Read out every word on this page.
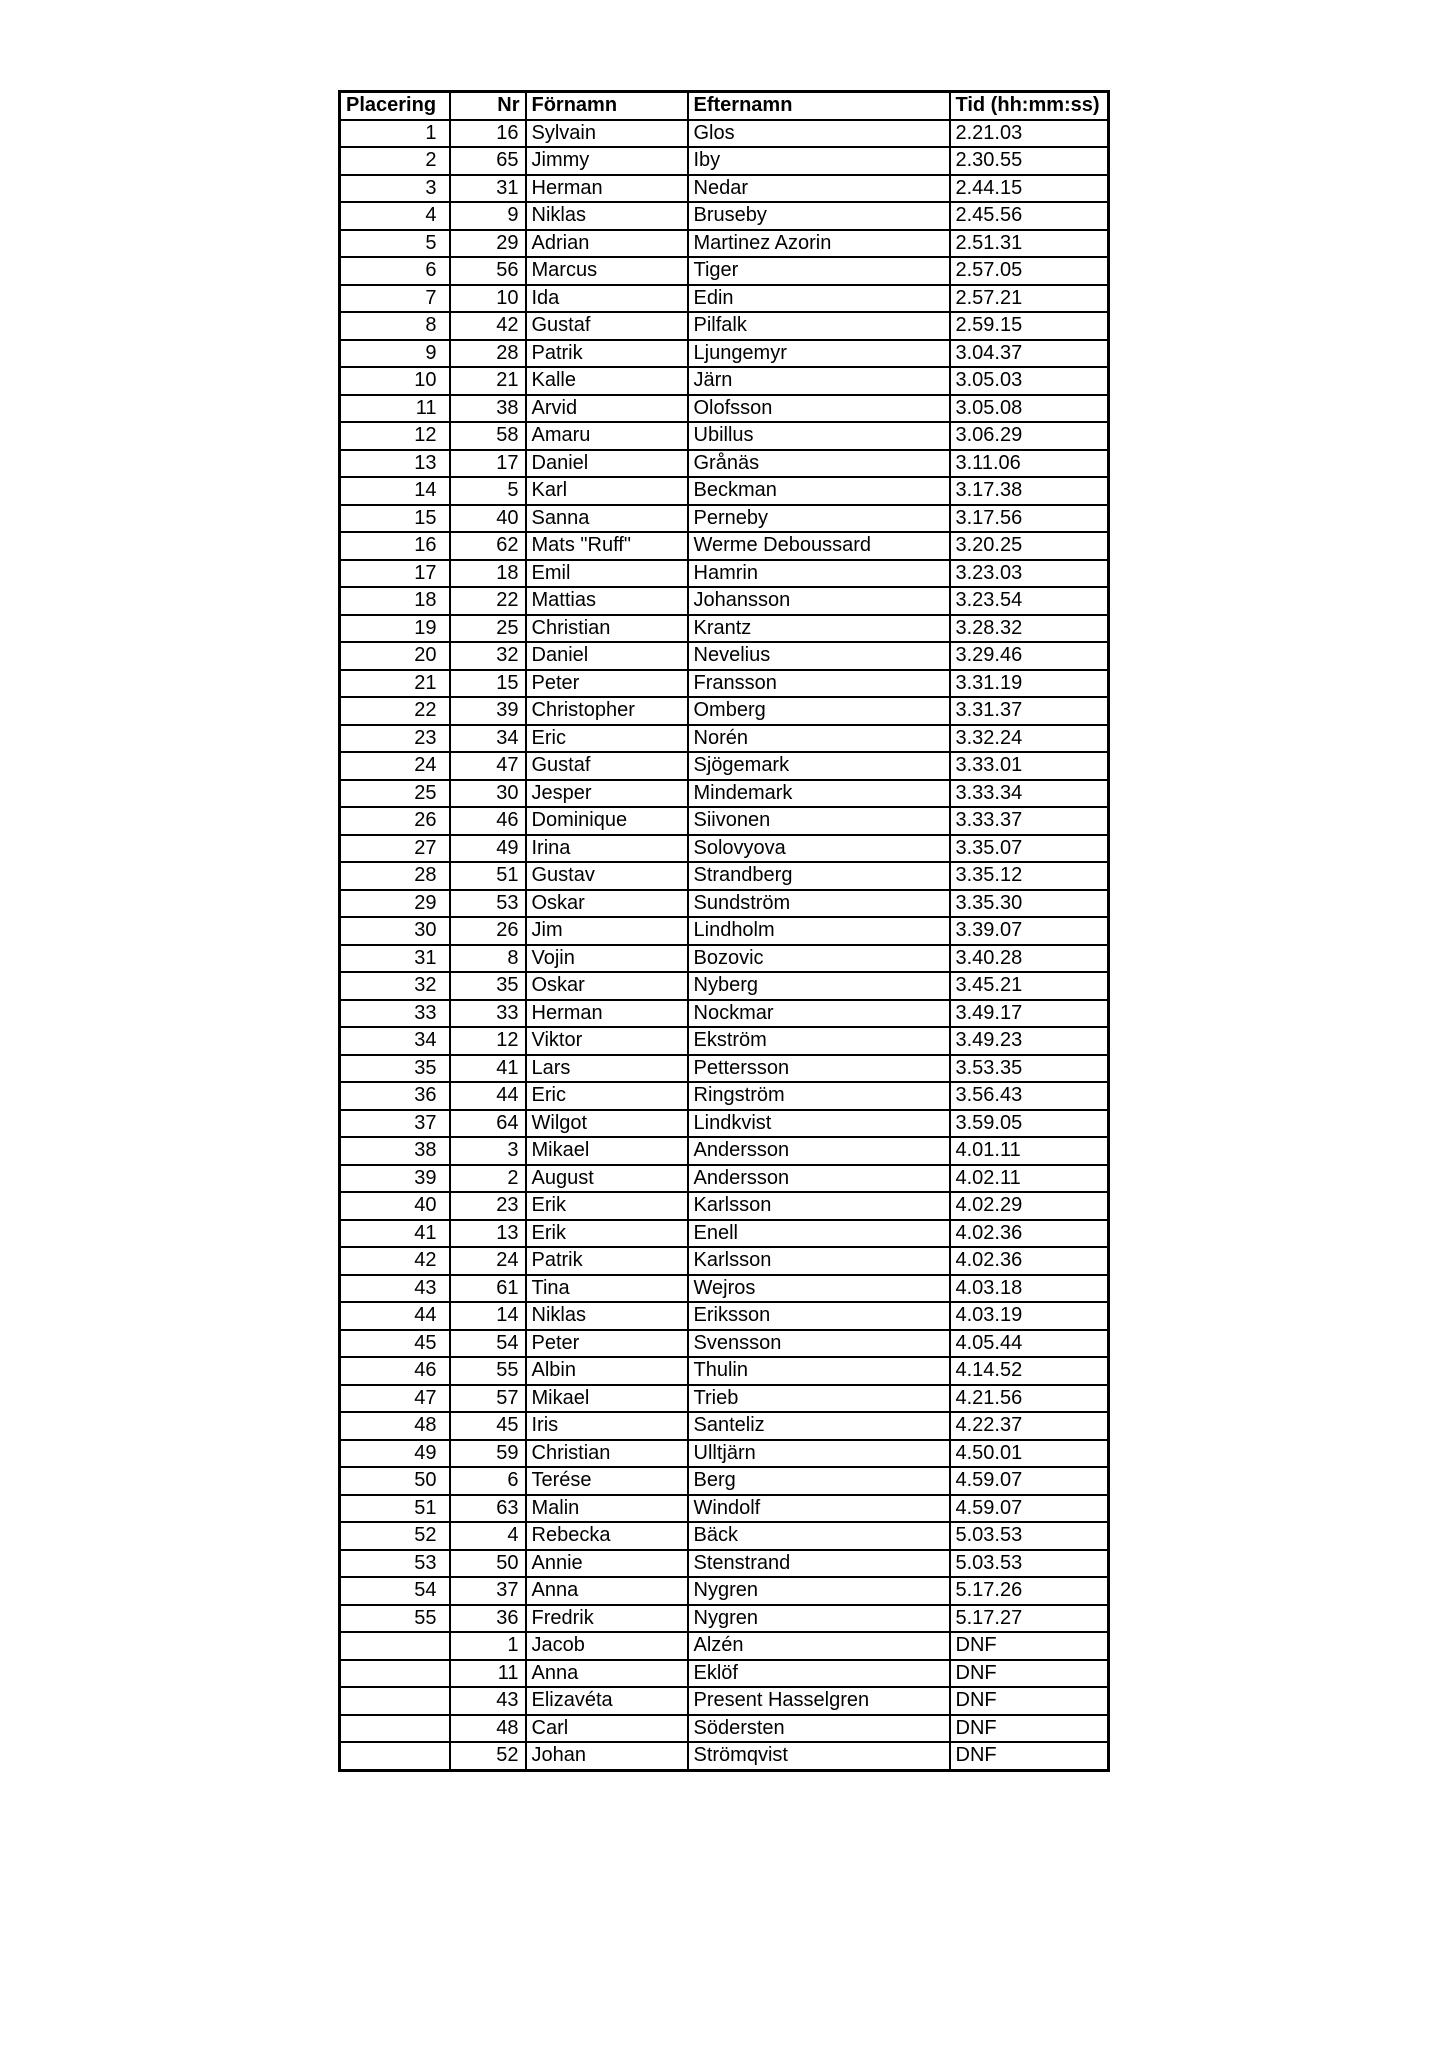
Placering	Nr	Förnamn	Efternamn	Tid (hh:mm:ss)
1	16	Sylvain	Glos	2.21.03
2	65	Jimmy	Iby	2.30.55
3	31	Herman	Nedar	2.44.15
4	9	Niklas	Bruseby	2.45.56
5	29	Adrian	Martinez Azorin	2.51.31
6	56	Marcus	Tiger	2.57.05
7	10	Ida	Edin	2.57.21
8	42	Gustaf	Pilfalk	2.59.15
9	28	Patrik	Ljungemyr	3.04.37
10	21	Kalle	Järn	3.05.03
11	38	Arvid	Olofsson	3.05.08
12	58	Amaru	Ubillus	3.06.29
13	17	Daniel	Grånäs	3.11.06
14	5	Karl	Beckman	3.17.38
15	40	Sanna	Perneby	3.17.56
16	62	Mats "Ruff"	Werme Deboussard	3.20.25
17	18	Emil	Hamrin	3.23.03
18	22	Mattias	Johansson	3.23.54
19	25	Christian	Krantz	3.28.32
20	32	Daniel	Nevelius	3.29.46
21	15	Peter	Fransson	3.31.19
22	39	Christopher	Omberg	3.31.37
23	34	Eric	Norén	3.32.24
24	47	Gustaf	Sjögemark	3.33.01
25	30	Jesper	Mindemark	3.33.34
26	46	Dominique	Siivonen	3.33.37
27	49	Irina	Solovyova	3.35.07
28	51	Gustav	Strandberg	3.35.12
29	53	Oskar	Sundström	3.35.30
30	26	Jim	Lindholm	3.39.07
31	8	Vojin	Bozovic	3.40.28
32	35	Oskar	Nyberg	3.45.21
33	33	Herman	Nockmar	3.49.17
34	12	Viktor	Ekström	3.49.23
35	41	Lars	Pettersson	3.53.35
36	44	Eric	Ringström	3.56.43
37	64	Wilgot	Lindkvist	3.59.05
38	3	Mikael	Andersson	4.01.11
39	2	August	Andersson	4.02.11
40	23	Erik	Karlsson	4.02.29
41	13	Erik	Enell	4.02.36
42	24	Patrik	Karlsson	4.02.36
43	61	Tina	Wejros	4.03.18
44	14	Niklas	Eriksson	4.03.19
45	54	Peter	Svensson	4.05.44
46	55	Albin	Thulin	4.14.52
47	57	Mikael	Trieb	4.21.56
48	45	Iris	Santeliz	4.22.37
49	59	Christian	Ulltjärn	4.50.01
50	6	Terése	Berg	4.59.07
51	63	Malin	Windolf	4.59.07
52	4	Rebecka	Bäck	5.03.53
53	50	Annie	Stenstrand	5.03.53
54	37	Anna	Nygren	5.17.26
55	36	Fredrik	Nygren	5.17.27
	1	Jacob	Alzén	DNF
	11	Anna	Eklöf	DNF
	43	Elizavéta	Present Hasselgren	DNF
	48	Carl	Södersten	DNF
	52	Johan	Strömqvist	DNF
